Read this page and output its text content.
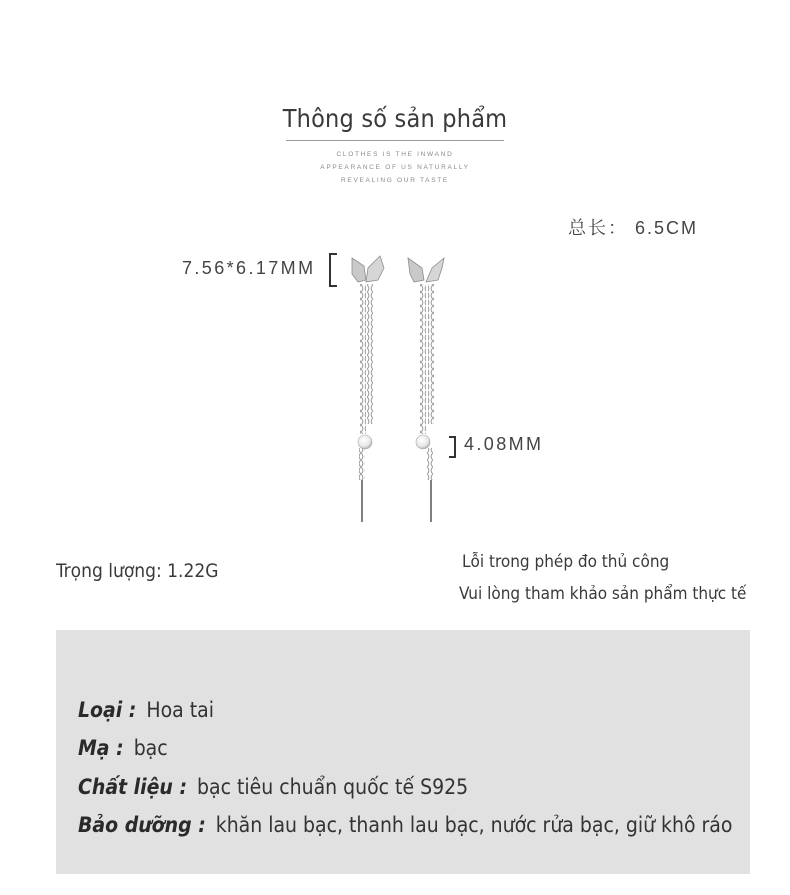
Thông số sản phẩm
CLOTHES IS THE INWAND
APPEARANCE OF US NATURALLY
REVEALING OUR TASTE
总长： 6.5CM
7.56*6.17MM
4.08MM
Trọng lượng: 1.22G	Lỗi trong phép đo thủ công
Vui lòng tham khảo sản phẩm thực tế
Loại : Hoa tai
Mạ : bạc
Chất liệu : bạc tiêu chuẩn quốc tế S925
Bảo dưỡng : khăn lau bạc, thanh lau bạc, nước rửa bạc, giữ khô ráo
